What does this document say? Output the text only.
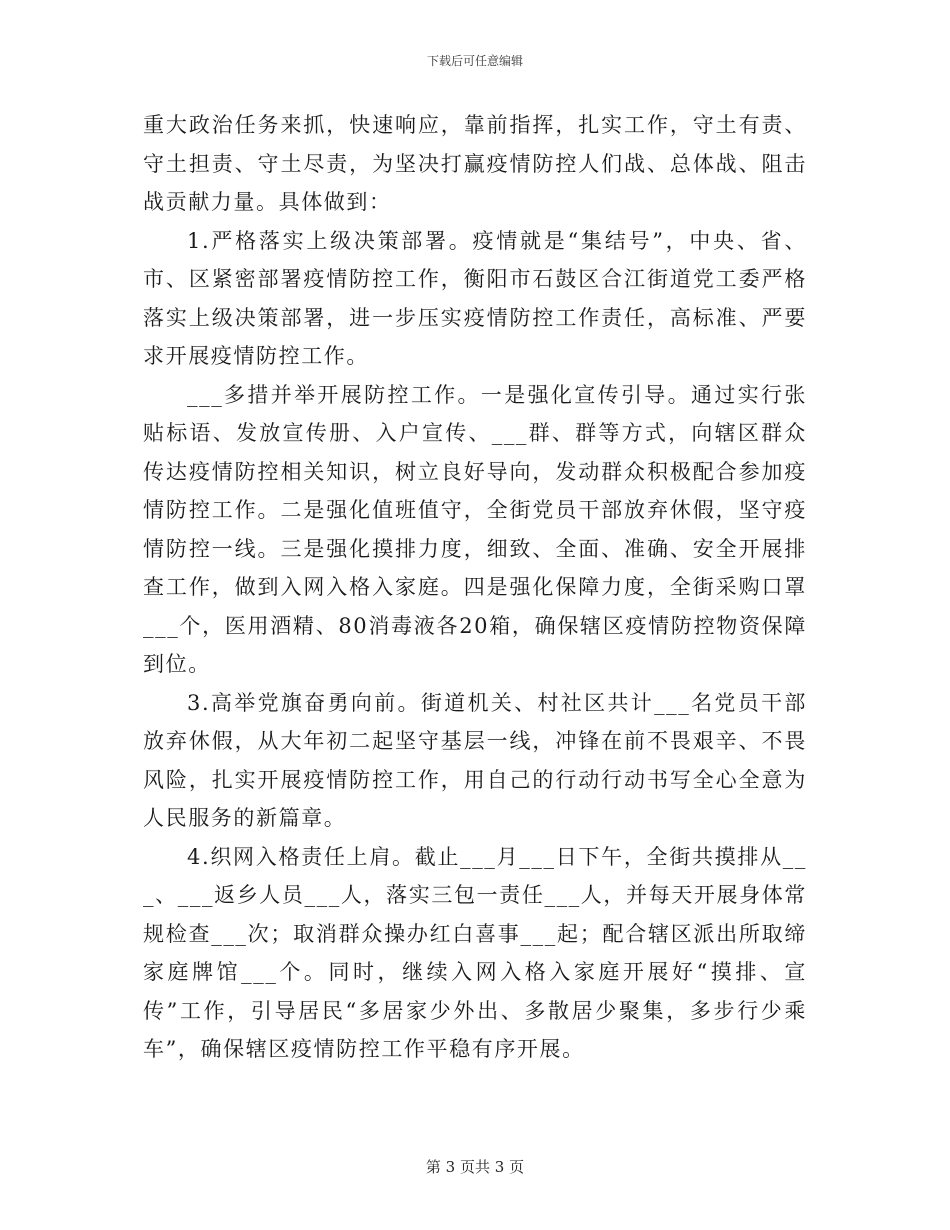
下载后可任意编辑

重大政治任务来抓，快速响应，靠前指挥，扎实工作，守土有责、守土担责、守土尽责，为坚决打赢疫情防控人们战、总体战、阻击战贡献力量。具体做到：

1.严格落实上级决策部署。疫情就是“集结号”，中央、省、市、区紧密部署疫情防控工作，衡阳市石鼓区合江街道党工委严格落实上级决策部署，进一步压实疫情防控工作责任，高标准、严要求开展疫情防控工作。

___多措并举开展防控工作。一是强化宣传引导。通过实行张贴标语、发放宣传册、入户宣传、___群、群等方式，向辖区群众传达疫情防控相关知识，树立良好导向，发动群众积极配合参加疫情防控工作。二是强化值班值守，全街党员干部放弃休假，坚守疫情防控一线。三是强化摸排力度，细致、全面、准确、安全开展排查工作，做到入网入格入家庭。四是强化保障力度，全街采购口罩___个，医用酒精、80消毒液各20箱，确保辖区疫情防控物资保障到位。

3.高举党旗奋勇向前。街道机关、村社区共计___名党员干部放弃休假，从大年初二起坚守基层一线，冲锋在前不畏艰辛、不畏风险，扎实开展疫情防控工作，用自己的行动行动书写全心全意为人民服务的新篇章。

4.织网入格责任上肩。截止___月___日下午，全街共摸排从___、___返乡人员___人，落实三包一责任___人，并每天开展身体常规检查___次；取消群众操办红白喜事___起；配合辖区派出所取缔家庭牌馆___个。同时，继续入网入格入家庭开展好“摸排、宣传”工作，引导居民“多居家少外出、多散居少聚集，多步行少乘车”，确保辖区疫情防控工作平稳有序开展。

第 3 页共 3 页
